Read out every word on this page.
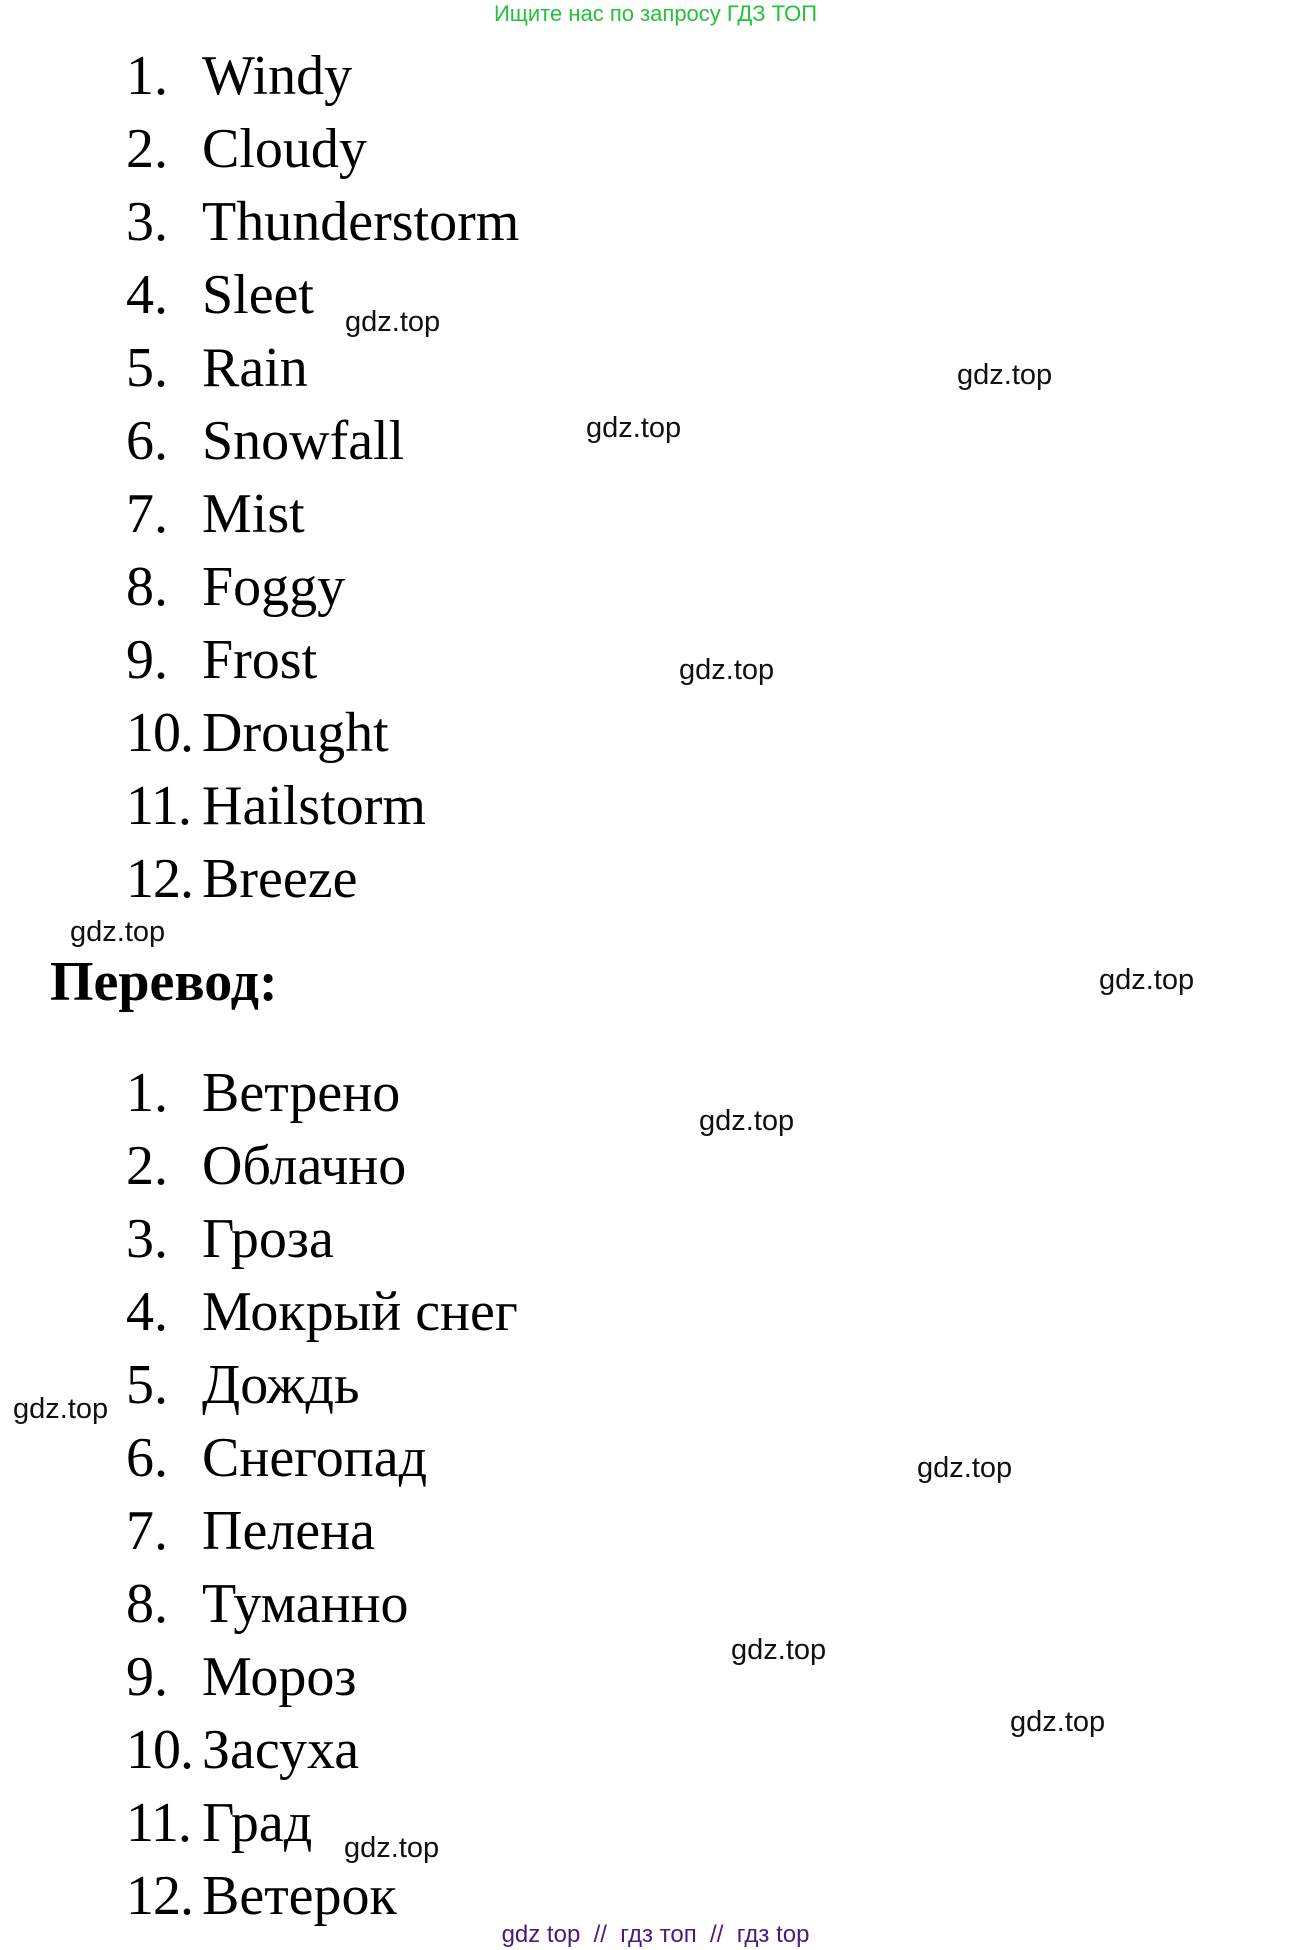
Ищите нас по запросу ГДЗ ТОП
1. Windy
2. Cloudy
3. Thunderstorm
4. Sleet
5. Rain
6. Snowfall
7. Mist
8. Foggy
9. Frost
10. Drought
11. Hailstorm
12. Breeze
Перевод:
1. Ветрено
2. Облачно
3. Гроза
4. Мокрый снег
5. Дождь
6. Снегопад
7. Пелена
8. Туманно
9. Мороз
10. Засуха
11. Град
12. Ветерок
gdz.top
gdz.top
gdz.top
gdz.top
gdz.top
gdz.top
gdz.top
gdz.top
gdz.top
gdz.top
gdz.top
gdz.top
gdz top  //  гдз топ  //  гдз top
